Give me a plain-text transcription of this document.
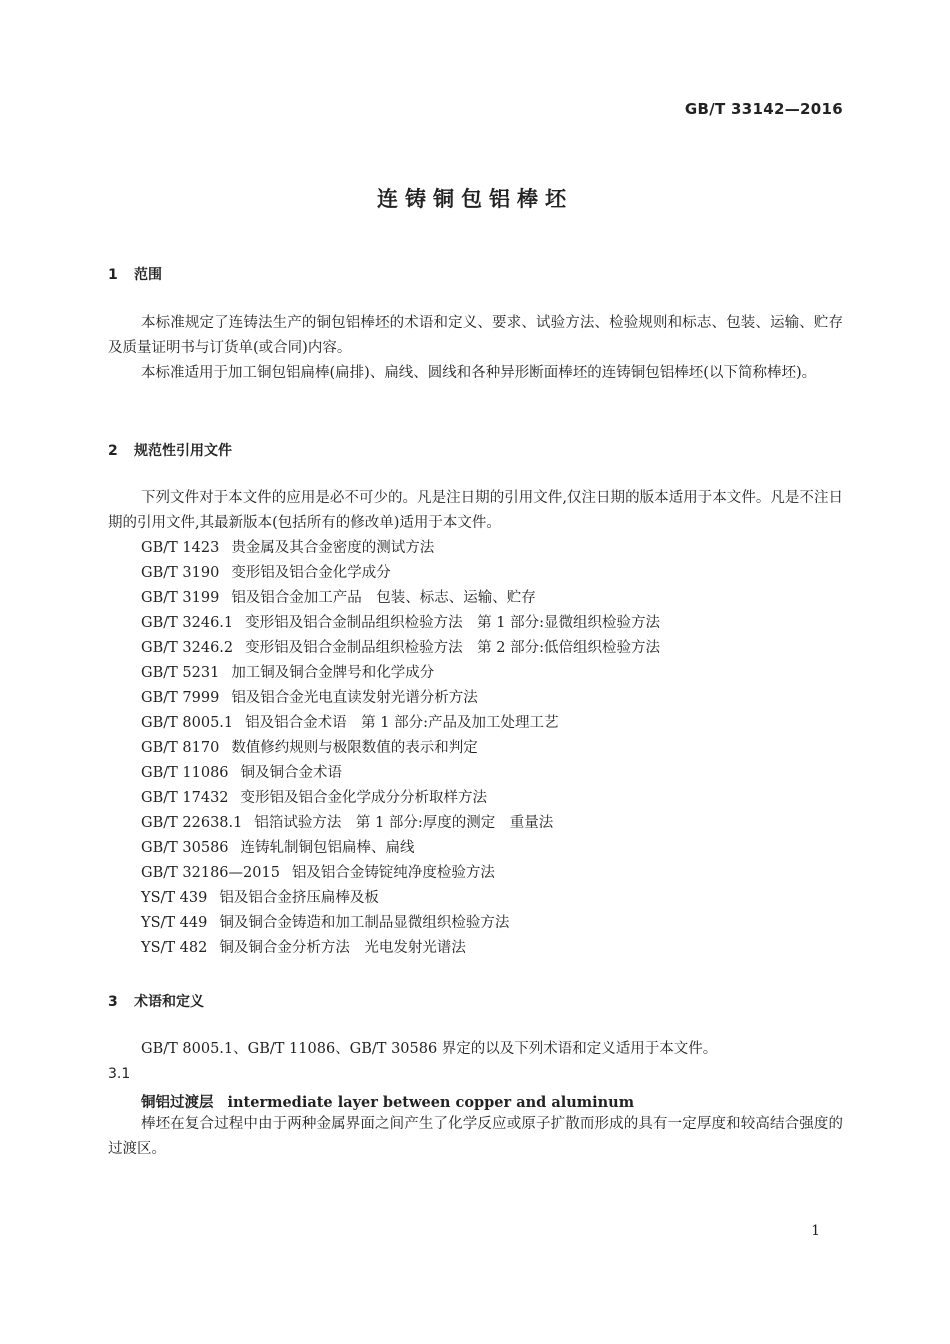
GB/T 33142—2016
连铸铜包铝棒坯
1 范围
本标准规定了连铸法生产的铜包铝棒坯的术语和定义、要求、试验方法、检验规则和标志、包装、运输、贮存及质量证明书与订货单(或合同)内容。
本标准适用于加工铜包铝扁棒(扁排)、扁线、圆线和各种异形断面棒坯的连铸铜包铝棒坯(以下简称棒坯)。
2 规范性引用文件
下列文件对于本文件的应用是必不可少的。凡是注日期的引用文件,仅注日期的版本适用于本文件。凡是不注日期的引用文件,其最新版本(包括所有的修改单)适用于本文件。
GB/T 1423 贵金属及其合金密度的测试方法
GB/T 3190 变形铝及铝合金化学成分
GB/T 3199 铝及铝合金加工产品　包装、标志、运输、贮存
GB/T 3246.1 变形铝及铝合金制品组织检验方法　第 1 部分:显微组织检验方法
GB/T 3246.2 变形铝及铝合金制品组织检验方法　第 2 部分:低倍组织检验方法
GB/T 5231 加工铜及铜合金牌号和化学成分
GB/T 7999 铝及铝合金光电直读发射光谱分析方法
GB/T 8005.1 铝及铝合金术语　第 1 部分:产品及加工处理工艺
GB/T 8170 数值修约规则与极限数值的表示和判定
GB/T 11086 铜及铜合金术语
GB/T 17432 变形铝及铝合金化学成分分析取样方法
GB/T 22638.1 铝箔试验方法　第 1 部分:厚度的测定　重量法
GB/T 30586 连铸轧制铜包铝扁棒、扁线
GB/T 32186—2015 铝及铝合金铸锭纯净度检验方法
YS/T 439 铝及铝合金挤压扁棒及板
YS/T 449 铜及铜合金铸造和加工制品显微组织检验方法
YS/T 482 铜及铜合金分析方法　光电发射光谱法
3 术语和定义
GB/T 8005.1、GB/T 11086、GB/T 30586 界定的以及下列术语和定义适用于本文件。
3.1
铜铝过渡层 intermediate layer between copper and aluminum
棒坯在复合过程中由于两种金属界面之间产生了化学反应或原子扩散而形成的具有一定厚度和较高结合强度的过渡区。
1
